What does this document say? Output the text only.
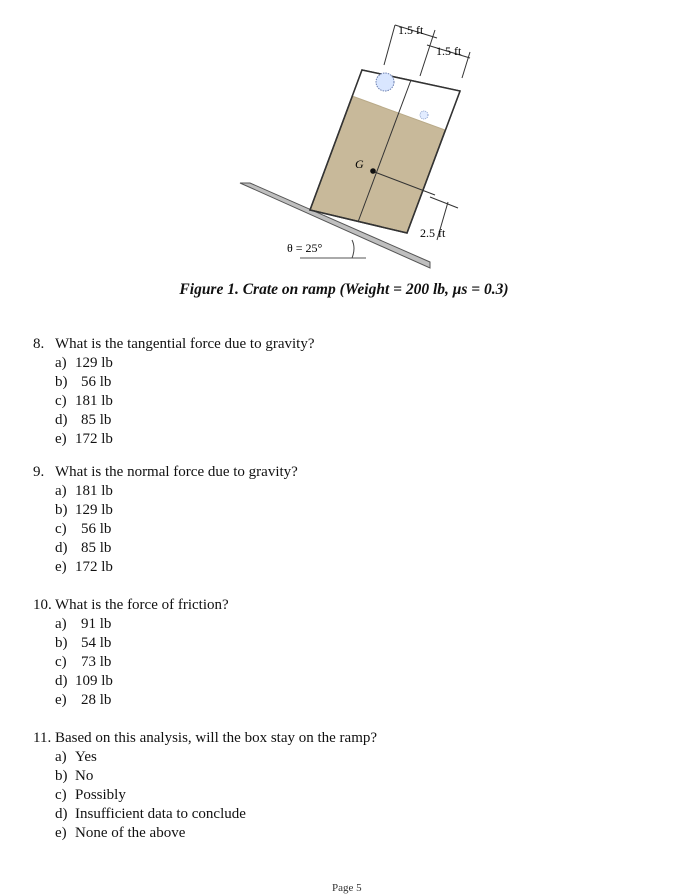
G
1.5 ft
1.5 ft
2.5 ft
θ = 25°
Figure 1. Crate on ramp (Weight = 200 lb, μs = 0.3)
8. What is the tangential force due to gravity?
a) 129 lb
b) 56 lb
c) 181 lb
d) 85 lb
e) 172 lb
9. What is the normal force due to gravity?
a) 181 lb
b) 129 lb
c) 56 lb
d) 85 lb
e) 172 lb
10. What is the force of friction?
a) 91 lb
b) 54 lb
c) 73 lb
d) 109 lb
e) 28 lb
11. Based on this analysis, will the box stay on the ramp?
a) Yes
b) No
c) Possibly
d) Insufficient data to conclude
e) None of the above
Page 5
